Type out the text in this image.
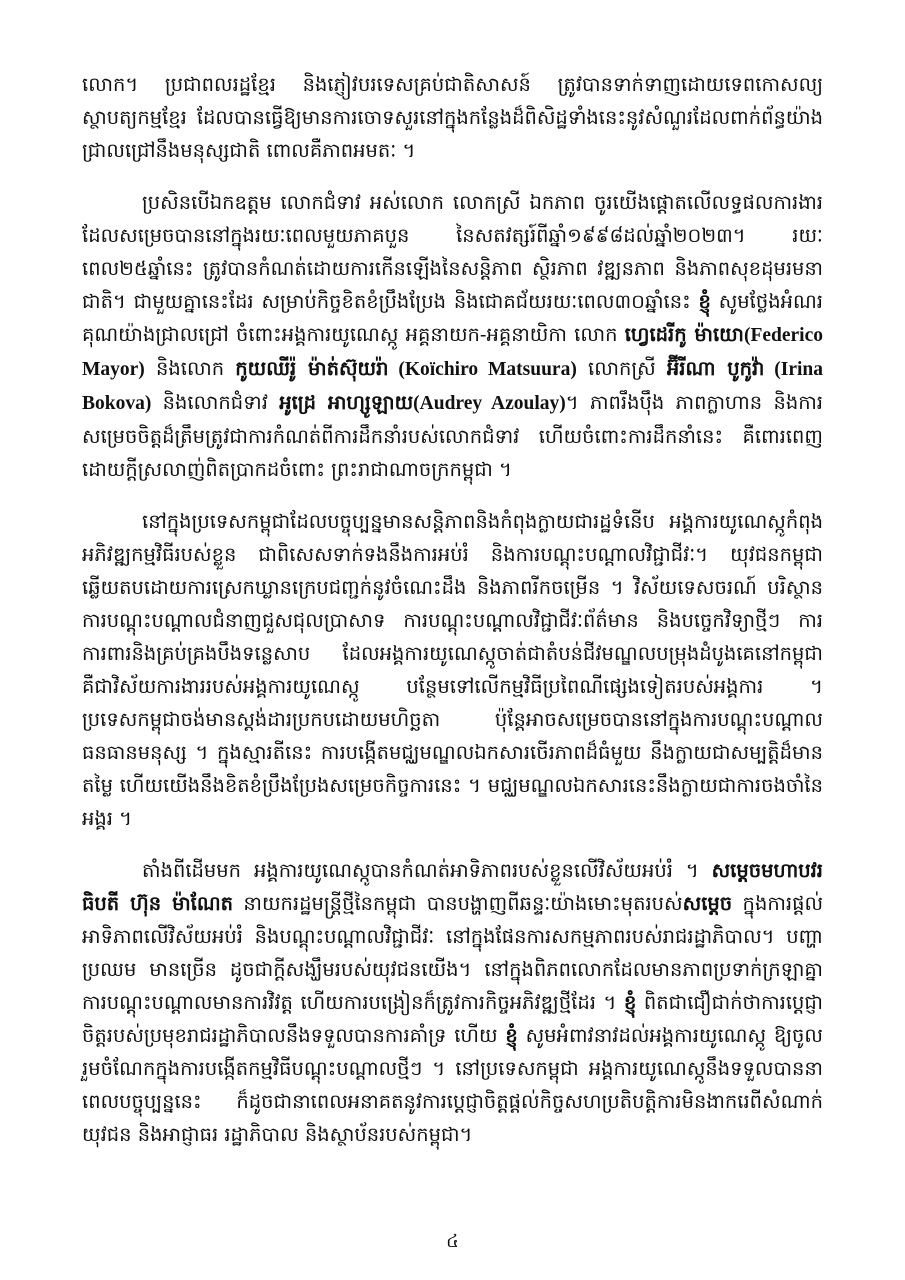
លោក។ ប្រជាពលរដ្ឋខ្មែរ និងភ្ញៀវបរទេសគ្រប់ជាតិសាសន៍ ត្រូវបានទាក់ទាញដោយទេពកោសល្យស្ថាបត្យកម្មខ្មែរ ដែលបានធ្វើឱ្យមានការចោទសួរនៅក្នុងកន្លែងដ៏ពិសិដ្ឋទាំងនេះនូវសំណួរដែលពាក់ព័ន្ធយ៉ាងជ្រាលជ្រៅនឹងមនុស្សជាតិ ពោលគឺភាពអមតៈ ។

ប្រសិនបើឯកឧត្តម លោកជំទាវ អស់លោក លោកស្រី ឯកភាព ចូរយើងផ្ដោតលើលទ្ធផលការងារដែលសម្រេចបាននៅក្នុងរយៈពេលមួយភាគបួន នៃសតវត្សរ៍ពីឆ្នាំ១៩៩៨ដល់ឆ្នាំ២០២៣។ រយៈពេល២៥ឆ្នាំនេះ ត្រូវបានកំណត់ដោយការកើនឡើងនៃសន្តិភាព ស្ថិរភាព វឌ្ឍនភាព និងភាពសុខដុមរមនាជាតិ។ ជាមួយគ្នានេះដែរ សម្រាប់កិច្ចខិតខំប្រឹងប្រែង និងជោគជ័យរយៈពេល៣០ឆ្នាំនេះ ខ្ញុំ សូមថ្លែងអំណរគុណយ៉ាងជ្រាលជ្រៅ ចំពោះអង្គការយូណេស្កូ អគ្គនាយក-អគ្គនាយិកា លោក ហ្វេដេរីកូ ម៉ាយោ(Federico Mayor) និងលោក កូយឈីរ៉ូ ម៉ាត់ស៊ុយរ៉ា (Koïchiro Matsuura) លោកស្រី អ៊ីរីណា បូកូវ៉ា (Irina Bokova) និងលោកជំទាវ អូដ្រេ អាហ្សូឡាយ(Audrey Azoulay)។ ភាពរឹងប៉ឹង ភាពក្លាហាន និងការសម្រេចចិត្តដ៏ត្រឹមត្រូវជាការកំណត់ពីការដឹកនាំរបស់លោកជំទាវ ហើយចំពោះការដឹកនាំនេះ គឺពោរពេញដោយក្ដីស្រលាញ់ពិតប្រាកដចំពោះ ព្រះរាជាណាចក្រកម្ពុជា ។

នៅក្នុងប្រទេសកម្ពុជាដែលបច្ចុប្បន្នមានសន្តិភាពនិងកំពុងក្លាយជារដ្ឋទំនើប អង្គការយូណេស្កូកំពុងអភិវឌ្ឍកម្មវិធីរបស់ខ្លួន ជាពិសេសទាក់ទងនឹងការអប់រំ និងការបណ្ដុះបណ្ដាលវិជ្ជាជីវៈ។ យុវជនកម្ពុជា ឆ្លើយតបដោយការស្រេកឃ្លានក្រេបជញ្ជក់នូវចំណេះដឹង និងភាពរីកចម្រើន ។ វិស័យទេសចរណ៍ បរិស្ថាន ការបណ្ដុះបណ្ដាលជំនាញជួសជុលប្រាសាទ ការបណ្ដុះបណ្ដាលវិជ្ជាជីវៈព័ត៌មាន និងបច្ចេកវិទ្យាថ្មីៗ ការការពារនិងគ្រប់គ្រងបឹងទន្លេសាប ដែលអង្គការយូណេស្កូចាត់ជាតំបន់ជីវមណ្ឌលបម្រុងដំបូងគេនៅកម្ពុជា គឺជាវិស័យការងាររបស់អង្គការយូណេស្កូ បន្ថែមទៅលើកម្មវិធីប្រពៃណីផ្សេងទៀតរបស់អង្គការ ។ ប្រទេសកម្ពុជាចង់មានស្ដង់ដារប្រកបដោយមហិច្ឆតា ប៉ុន្តែអាចសម្រេចបាននៅក្នុងការបណ្ដុះបណ្ដាលធនធានមនុស្ស ។ ក្នុងស្មារតីនេះ ការបង្កើតមជ្ឈមណ្ឌលឯកសារចេីរភាពដ៏ធំមួយ នឹងក្លាយជាសម្បត្តិដ៏មានតម្លៃ ហើយយើងនឹងខិតខំប្រឹងប្រែងសម្រេចកិច្ចការនេះ ។ មជ្ឈមណ្ឌលឯកសារនេះនឹងក្លាយជាការចងចាំនៃអង្គរ ។

តាំងពីដើមមក អង្គការយូណេស្កូបានកំណត់អាទិភាពរបស់ខ្លួនលើវិស័យអប់រំ ។ សម្ដេចមហាបវរធិបតី ហ៊ុន ម៉ាណែត នាយករដ្ឋមន្ត្រីថ្មីនៃកម្ពុជា បានបង្ហាញពីឆន្ទៈយ៉ាងមោះមុតរបស់សម្ដេច ក្នុងការផ្ដល់អាទិភាពលើវិស័យអប់រំ និងបណ្ដុះបណ្ដាលវិជ្ជាជីវៈ នៅក្នុងផែនការសកម្មភាពរបស់រាជរដ្ឋាភិបាល។ បញ្ហាប្រឈម មានច្រើន ដូចជាក្ដីសង្ឃឹមរបស់យុវជនយើង។ នៅក្នុងពិភពលោកដែលមានភាពប្រទាក់ក្រឡាគ្នា ការបណ្ដុះបណ្ដាលមានការវិវត្ត ហើយការបង្រៀនក៏ត្រូវការកិច្ចអភិវឌ្ឍថ្មីដែរ ។ ខ្ញុំ ពិតជាជឿជាក់ថាការប្ដេជ្ញាចិត្តរបស់ប្រមុខរាជរដ្ឋាភិបាលនឹងទទួលបានការគាំទ្រ ហើយ ខ្ញុំ សូមអំពាវនាវដល់អង្គការយូណេស្កូ ឱ្យចូលរួមចំណែកក្នុងការបង្កើតកម្មវិធីបណ្ដុះបណ្ដាលថ្មីៗ ។ នៅប្រទេសកម្ពុជា អង្គការយូណេស្កូនឹងទទួលបាននាពេលបច្ចុប្បន្ននេះ ក៏ដូចជានាពេលអនាគតនូវការប្ដេជ្ញាចិត្តផ្ដល់កិច្ចសហប្រតិបត្តិការមិនងាករេពីសំណាក់យុវជន និងអាជ្ញាធរ រដ្ឋាភិបាល និងស្ថាប័នរបស់កម្ពុជា។

៤
